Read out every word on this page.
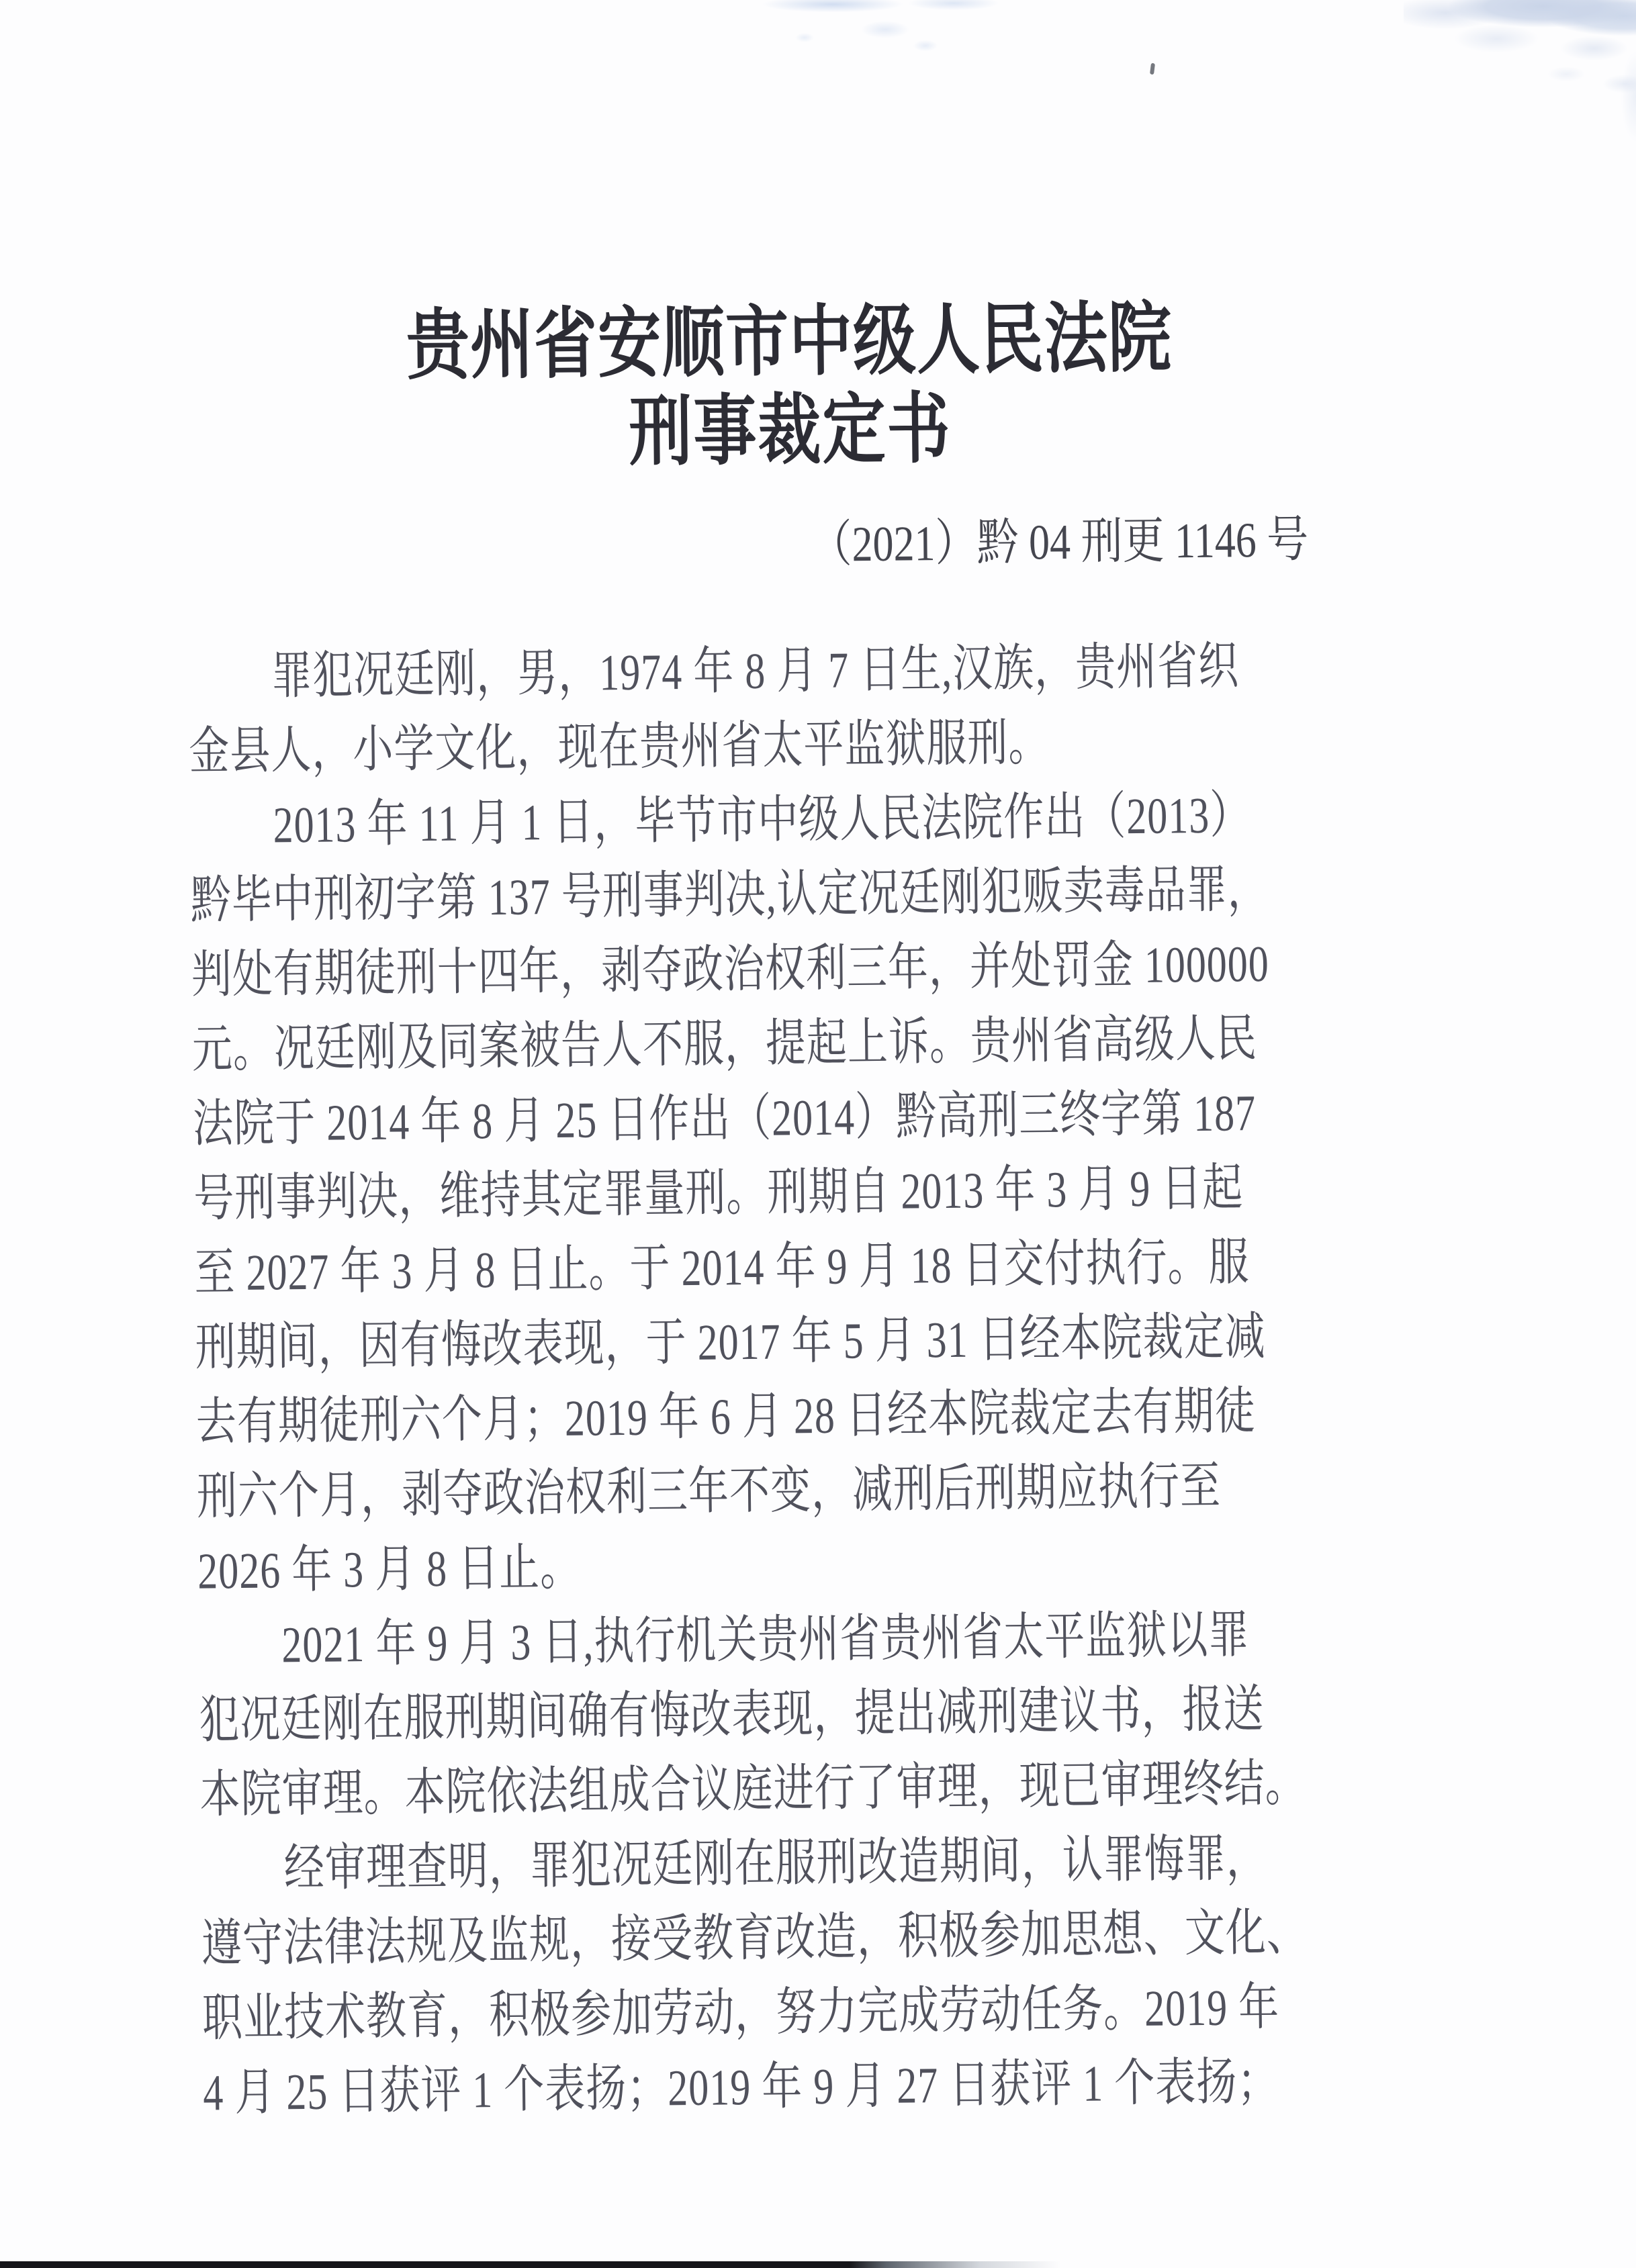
贵州省安顺市中级人民法院
刑事裁定书
（2021）黔 04 刑更 1146 号
罪犯况廷刚，男，1974 年 8 月 7 日生,汉族，贵州省织
金县人，小学文化，现在贵州省太平监狱服刑。
2013 年 11 月 1 日，毕节市中级人民法院作出（2013）
黔毕中刑初字第 137 号刑事判决,认定况廷刚犯贩卖毒品罪，
判处有期徒刑十四年，剥夺政治权利三年，并处罚金 100000
元。况廷刚及同案被告人不服，提起上诉。贵州省高级人民
法院于 2014 年 8 月 25 日作出（2014）黔高刑三终字第 187
号刑事判决，维持其定罪量刑。刑期自 2013 年 3 月 9 日起
至 2027 年 3 月 8 日止。于 2014 年 9 月 18 日交付执行。服
刑期间，因有悔改表现，于 2017 年 5 月 31 日经本院裁定减
去有期徒刑六个月；2019 年 6 月 28 日经本院裁定去有期徒
刑六个月，剥夺政治权利三年不变，减刑后刑期应执行至
2026 年 3 月 8 日止。
2021 年 9 月 3 日,执行机关贵州省贵州省太平监狱以罪
犯况廷刚在服刑期间确有悔改表现，提出减刑建议书，报送
本院审理。本院依法组成合议庭进行了审理，现已审理终结。
经审理查明，罪犯况廷刚在服刑改造期间，认罪悔罪，
遵守法律法规及监规，接受教育改造，积极参加思想、文化、
职业技术教育，积极参加劳动，努力完成劳动任务。2019 年
4 月 25 日获评 1 个表扬；2019 年 9 月 27 日获评 1 个表扬；
